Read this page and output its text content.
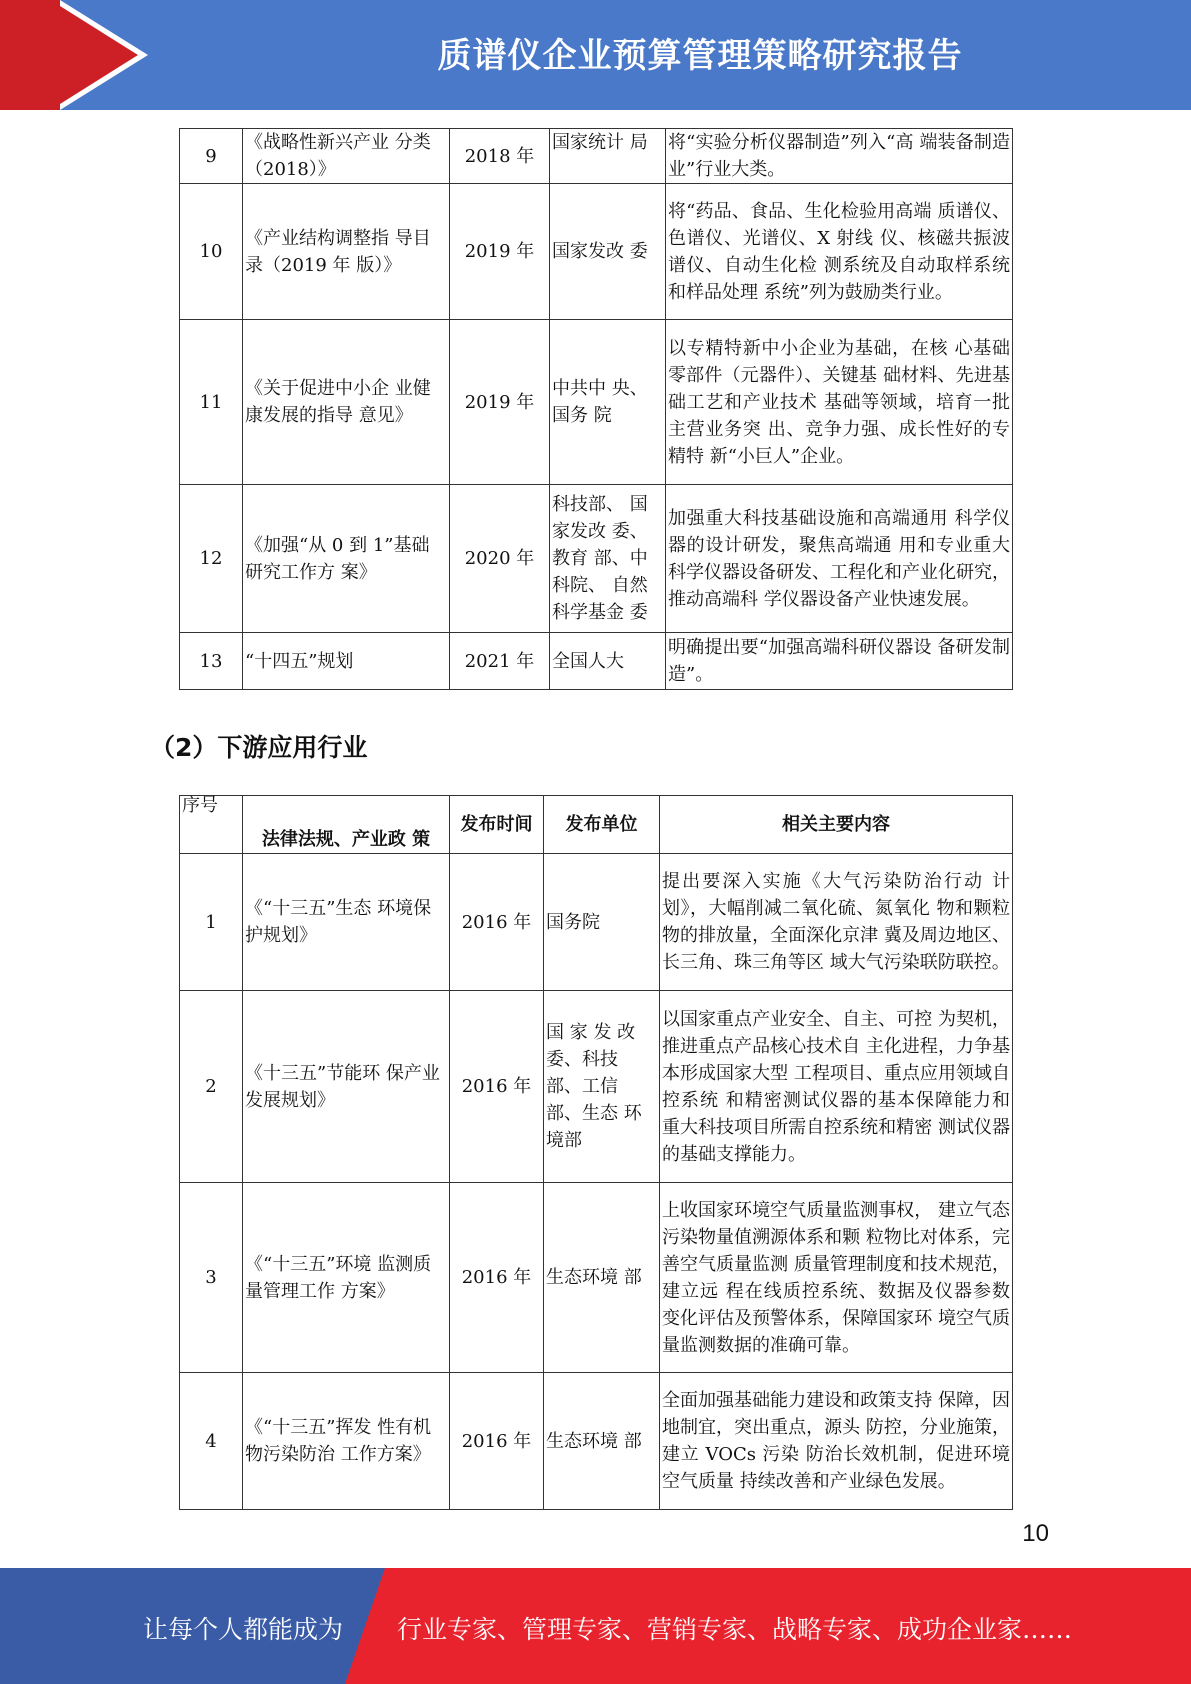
质谱仪企业预算管理策略研究报告
9	《战略性新兴产业 分类（2018）》	2018 年	国家统计 局	将“实验分析仪器制造”列入“高 端装备制造业”行业大类。
10	《产业结构调整指 导目录（2019 年 版）》	2019 年	国家发改 委	将“药品、食品、生化检验用高端 质谱仪、色谱仪、光谱仪、X 射线 仪、核磁共振波谱仪、自动生化检 测系统及自动取样系统和样品处理 系统”列为鼓励类行业。
11	《关于促进中小企 业健康发展的指导 意见》	2019 年	中共中 央、国务 院	以专精特新中小企业为基础，在核 心基础零部件（元器件）、关键基 础材料、先进基础工艺和产业技术 基础等领域，培育一批主营业务突 出、竞争力强、成长性好的专精特 新“小巨人”企业。
12	《加强“从 0 到 1”基础研究工作方 案》	2020 年	科技部、 国家发改 委、教育 部、中科院、 自然科学基金 委	加强重大科技基础设施和高端通用 科学仪器的设计研发，聚焦高端通 用和专业重大科学仪器设备研发、工程化和产业化研究，推动高端科 学仪器设备产业快速发展。
13	“十四五”规划	2021 年	全国人大	明确提出要“加强高端科研仪器设 备研发制造”。
（2）下游应用行业
序号	法律法规、产业政 策	发布时间	发布单位	相关主要内容
1	《“十三五”生态 环境保护规划》	2016 年	国务院	提出要深入实施《大气污染防治行动 计划》，大幅削减二氧化硫、氮氧化 物和颗粒物的排放量，全面深化京津 冀及周边地区、长三角、珠三角等区 域大气污染联防联控。
2	《十三五”节能环 保产业发展规划》	2016 年	国 家 发 改 委、科技 部、工信 部、生态 环境部	以国家重点产业安全、自主、可控 为契机，推进重点产品核心技术自 主化进程，力争基本形成国家大型 工程项目、重点应用领域自控系统 和精密测试仪器的基本保障能力和 重大科技项目所需自控系统和精密 测试仪器的基础支撑能力。
3	《“十三五”环境 监测质量管理工作 方案》	2016 年	生态环境 部	上收国家环境空气质量监测事权， 建立气态污染物量值溯源体系和颗 粒物比对体系，完善空气质量监测 质量管理制度和技术规范，建立远 程在线质控系统、数据及仪器参数 变化评估及预警体系，保障国家环 境空气质量监测数据的准确可靠。
4	《“十三五”挥发 性有机物污染防治 工作方案》	2016 年	生态环境 部	全面加强基础能力建设和政策支持 保障，因地制宜，突出重点，源头 防控，分业施策，建立 VOCs 污染 防治长效机制，促进环境空气质量 持续改善和产业绿色发展。
10
让每个人都能成为 行业专家、管理专家、营销专家、战略专家、成功企业家……
